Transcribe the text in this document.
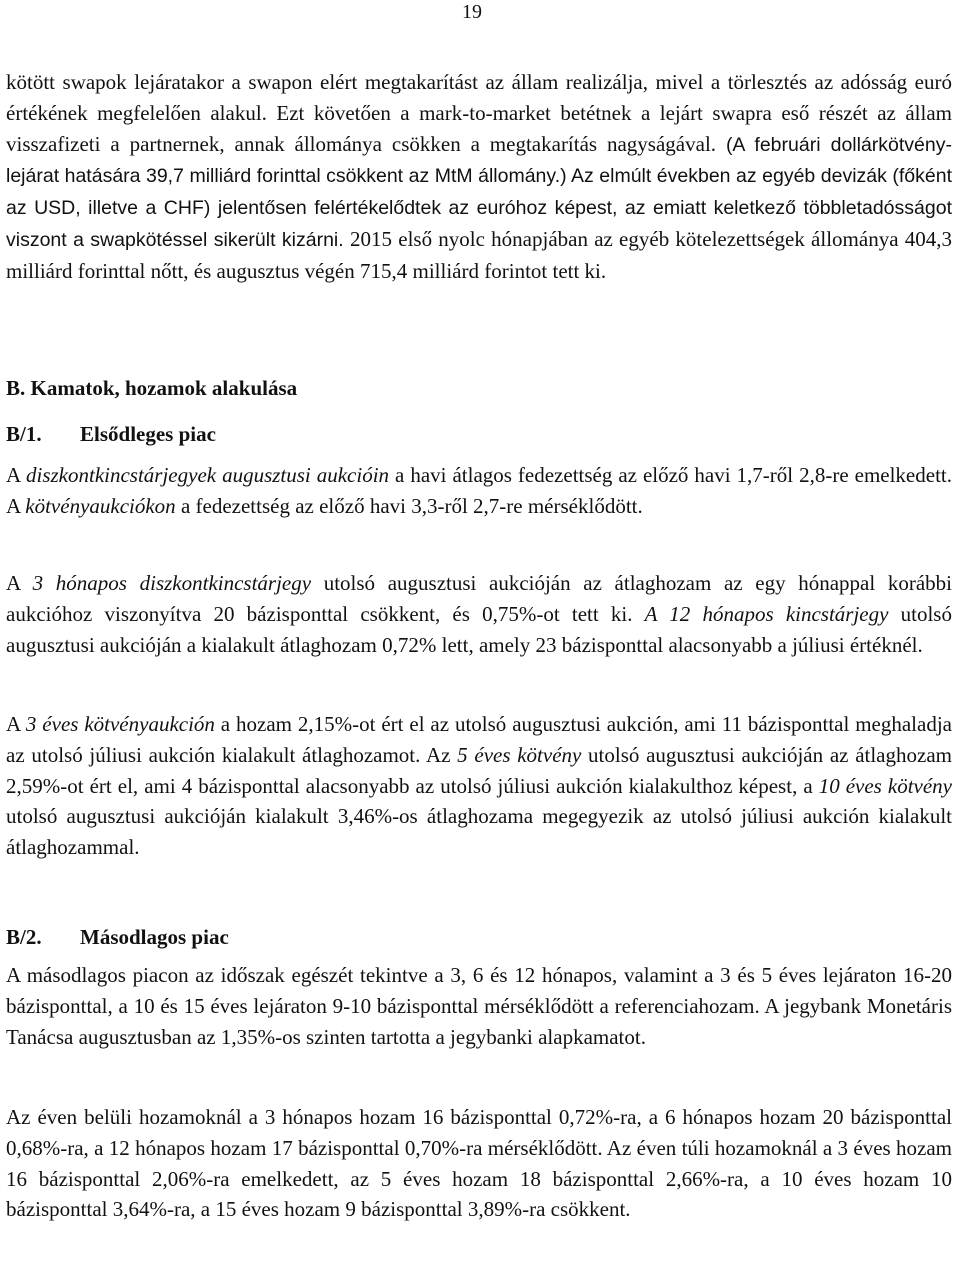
19

kötött swapok lejáratakor a swapon elért megtakarítást az állam realizálja, mivel a törlesztés az adósság euró értékének megfelelően alakul. Ezt követően a mark-to-market betétnek a lejárt swapra eső részét az állam visszafizeti a partnernek, annak állománya csökken a megtakarítás nagyságával. (A februári dollárkötvény-lejárat hatására 39,7 milliárd forinttal csökkent az MtM állomány.) Az elmúlt években az egyéb devizák (főként az USD, illetve a CHF) jelentősen felértékelődtek az euróhoz képest, az emiatt keletkező többletadósságot viszont a swapkötéssel sikerült kizárni. 2015 első nyolc hónapjában az egyéb kötelezettségek állománya 404,3 milliárd forinttal nőtt, és augusztus végén 715,4 milliárd forintot tett ki.

B. Kamatok, hozamok alakulása
B/1. Elsődleges piac

A diszkontkincstárjegyek augusztusi aukcióin a havi átlagos fedezettség az előző havi 1,7-ről 2,8-re emelkedett. A kötvényaukciókon a fedezettség az előző havi 3,3-ről 2,7-re mérséklődött.

A 3 hónapos diszkontkincstárjegy utolsó augusztusi aukcióján az átlaghozam az egy hónappal korábbi aukcióhoz viszonyítva 20 bázisponttal csökkent, és 0,75%-ot tett ki. A 12 hónapos kincstárjegy utolsó augusztusi aukcióján a kialakult átlaghozam 0,72% lett, amely 23 bázisponttal alacsonyabb a júliusi értéknél.

A 3 éves kötvényaukción a hozam 2,15%-ot ért el az utolsó augusztusi aukción, ami 11 bázisponttal meghaladja az utolsó júliusi aukción kialakult átlaghozamot. Az 5 éves kötvény utolsó augusztusi aukcióján az átlaghozam 2,59%-ot ért el, ami 4 bázisponttal alacsonyabb az utolsó júliusi aukción kialakulthoz képest, a 10 éves kötvény utolsó augusztusi aukcióján kialakult 3,46%-os átlaghozama megegyezik az utolsó júliusi aukción kialakult átlaghozammal.

B/2. Másodlagos piac

A másodlagos piacon az időszak egészét tekintve a 3, 6 és 12 hónapos, valamint a 3 és 5 éves lejáraton 16-20 bázisponttal, a 10 és 15 éves lejáraton 9-10 bázisponttal mérséklődött a referenciahozam. A jegybank Monetáris Tanácsa augusztusban az 1,35%-os szinten tartotta a jegybanki alapkamatot.

Az éven belüli hozamoknál a 3 hónapos hozam 16 bázisponttal 0,72%-ra, a 6 hónapos hozam 20 bázisponttal 0,68%-ra, a 12 hónapos hozam 17 bázisponttal 0,70%-ra mérséklődött. Az éven túli hozamoknál a 3 éves hozam 16 bázisponttal 2,06%-ra emelkedett, az 5 éves hozam 18 bázisponttal 2,66%-ra, a 10 éves hozam 10 bázisponttal 3,64%-ra, a 15 éves hozam 9 bázisponttal 3,89%-ra csökkent.
